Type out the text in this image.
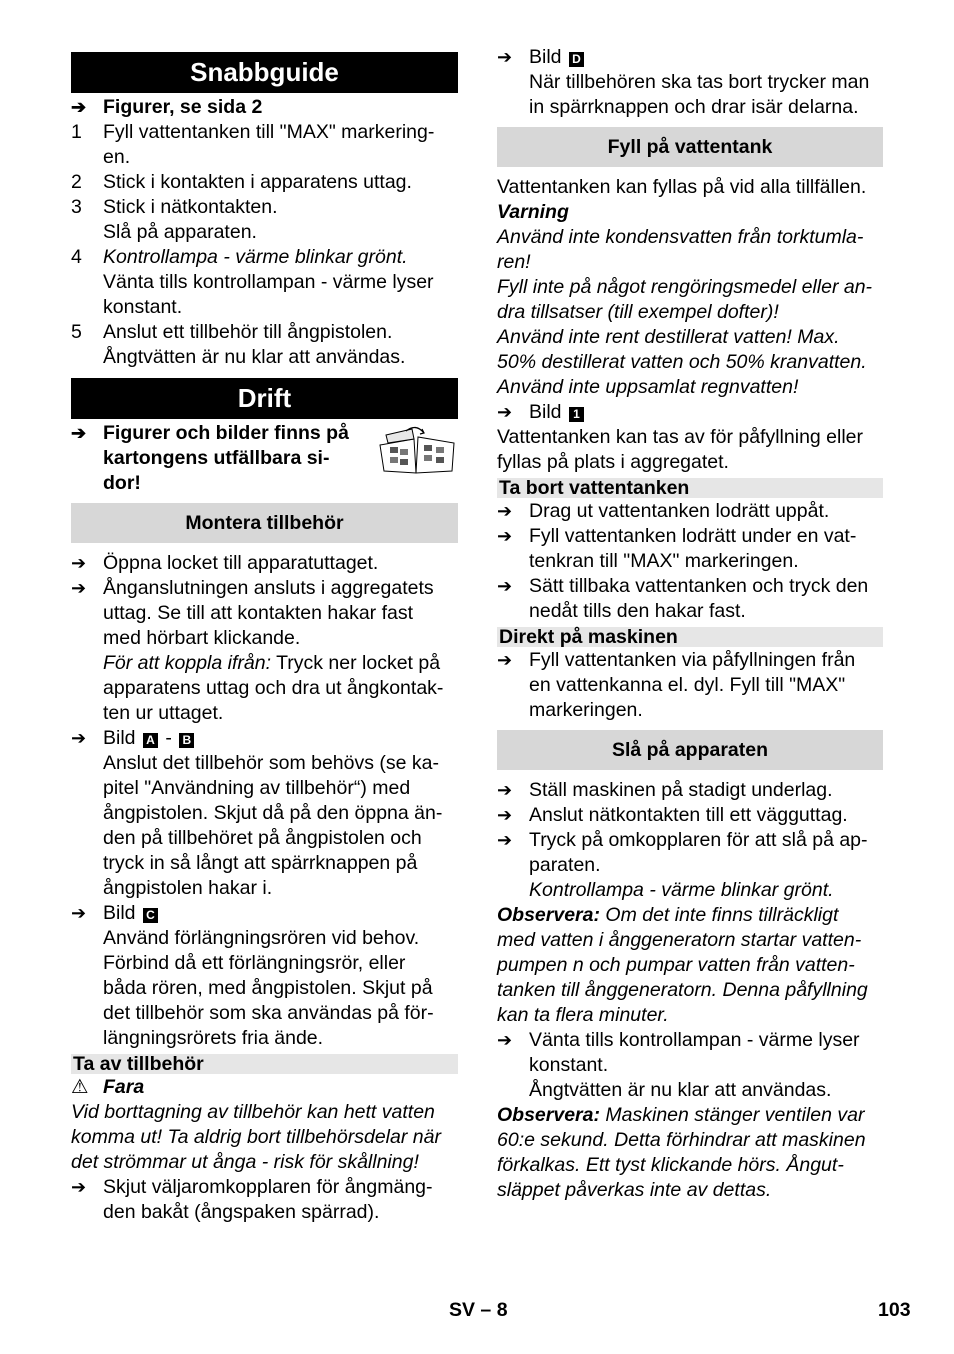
Snabbguide
➔ Figurer, se sida 2
1	Fyll vattentanken till "MAX" markering-
en.
2	Stick i kontakten i apparatens uttag.
3	Stick i nätkontakten.
Slå på apparaten.
4	Kontrollampa - värme blinkar grönt.
Vänta tills kontrollampan - värme lyser
konstant.
5	Anslut ett tillbehör till ångpistolen.
Ångtvätten är nu klar att användas.
Drift
➔ Figurer och bilder finns på
kartongens utfällbara si-
dor!
Montera tillbehör
➔ Öppna locket till apparatuttaget.
➔ Ånganslutningen ansluts i aggregatets
uttag. Se till att kontakten hakar fast
med hörbart klickande.
För att koppla ifrån: Tryck ner locket på
apparatens uttag och dra ut ångkontak-
ten ur uttaget.
➔ Bild A - B
Anslut det tillbehör som behövs (se ka-
pitel "Användning av tillbehör“) med
ångpistolen. Skjut då på den öppna än-
den på tillbehöret på ångpistolen och
tryck in så långt att spärrknappen på
ångpistolen hakar i.
➔ Bild C
Använd förlängningsrören vid behov.
Förbind då ett förlängningsrör, eller
båda rören, med ångpistolen. Skjut på
det tillbehör som ska användas på för-
längningsrörets fria ände.
Ta av tillbehör
⚠ Fara
Vid borttagning av tillbehör kan hett vatten
komma ut! Ta aldrig bort tillbehörsdelar när
det strömmar ut ånga - risk för skållning!
➔ Skjut väljaromkopplaren för ångmäng-
den bakåt (ångspaken spärrad).
➔ Bild D
När tillbehören ska tas bort trycker man
in spärrknappen och drar isär delarna.
Fyll på vattentank
Vattentanken kan fyllas på vid alla tillfällen.
Varning
Använd inte kondensvatten från torktumla-
ren!
Fyll inte på något rengöringsmedel eller an-
dra tillsatser (till exempel dofter)!
Använd inte rent destillerat vatten! Max.
50% destillerat vatten och 50% kranvatten.
Använd inte uppsamlat regnvatten!
➔ Bild 1
Vattentanken kan tas av för påfyllning eller
fyllas på plats i aggregatet.
Ta bort vattentanken
➔ Drag ut vattentanken lodrätt uppåt.
➔ Fyll vattentanken lodrätt under en vat-
tenkran till "MAX" markeringen.
➔ Sätt tillbaka vattentanken och tryck den
nedåt tills den hakar fast.
Direkt på maskinen
➔ Fyll vattentanken via påfyllningen från
en vattenkanna el. dyl. Fyll till "MAX"
markeringen.
Slå på apparaten
➔ Ställ maskinen på stadigt underlag.
➔ Anslut nätkontakten till ett vägguttag.
➔ Tryck på omkopplaren för att slå på ap-
paraten.
Kontrollampa - värme blinkar grönt.
Observera: Om det inte finns tillräckligt
med vatten i ånggeneratorn startar vatten-
pumpen n och pumpar vatten från vatten-
tanken till ånggeneratorn. Denna påfyllning
kan ta flera minuter.
➔ Vänta tills kontrollampan - värme lyser
konstant.
Ångtvätten är nu klar att användas.
Observera: Maskinen stänger ventilen var
60:e sekund. Detta förhindrar att maskinen
förkalkas. Ett tyst klickande hörs. Ångut-
släppet påverkas inte av dettas.
SV – 8	103
